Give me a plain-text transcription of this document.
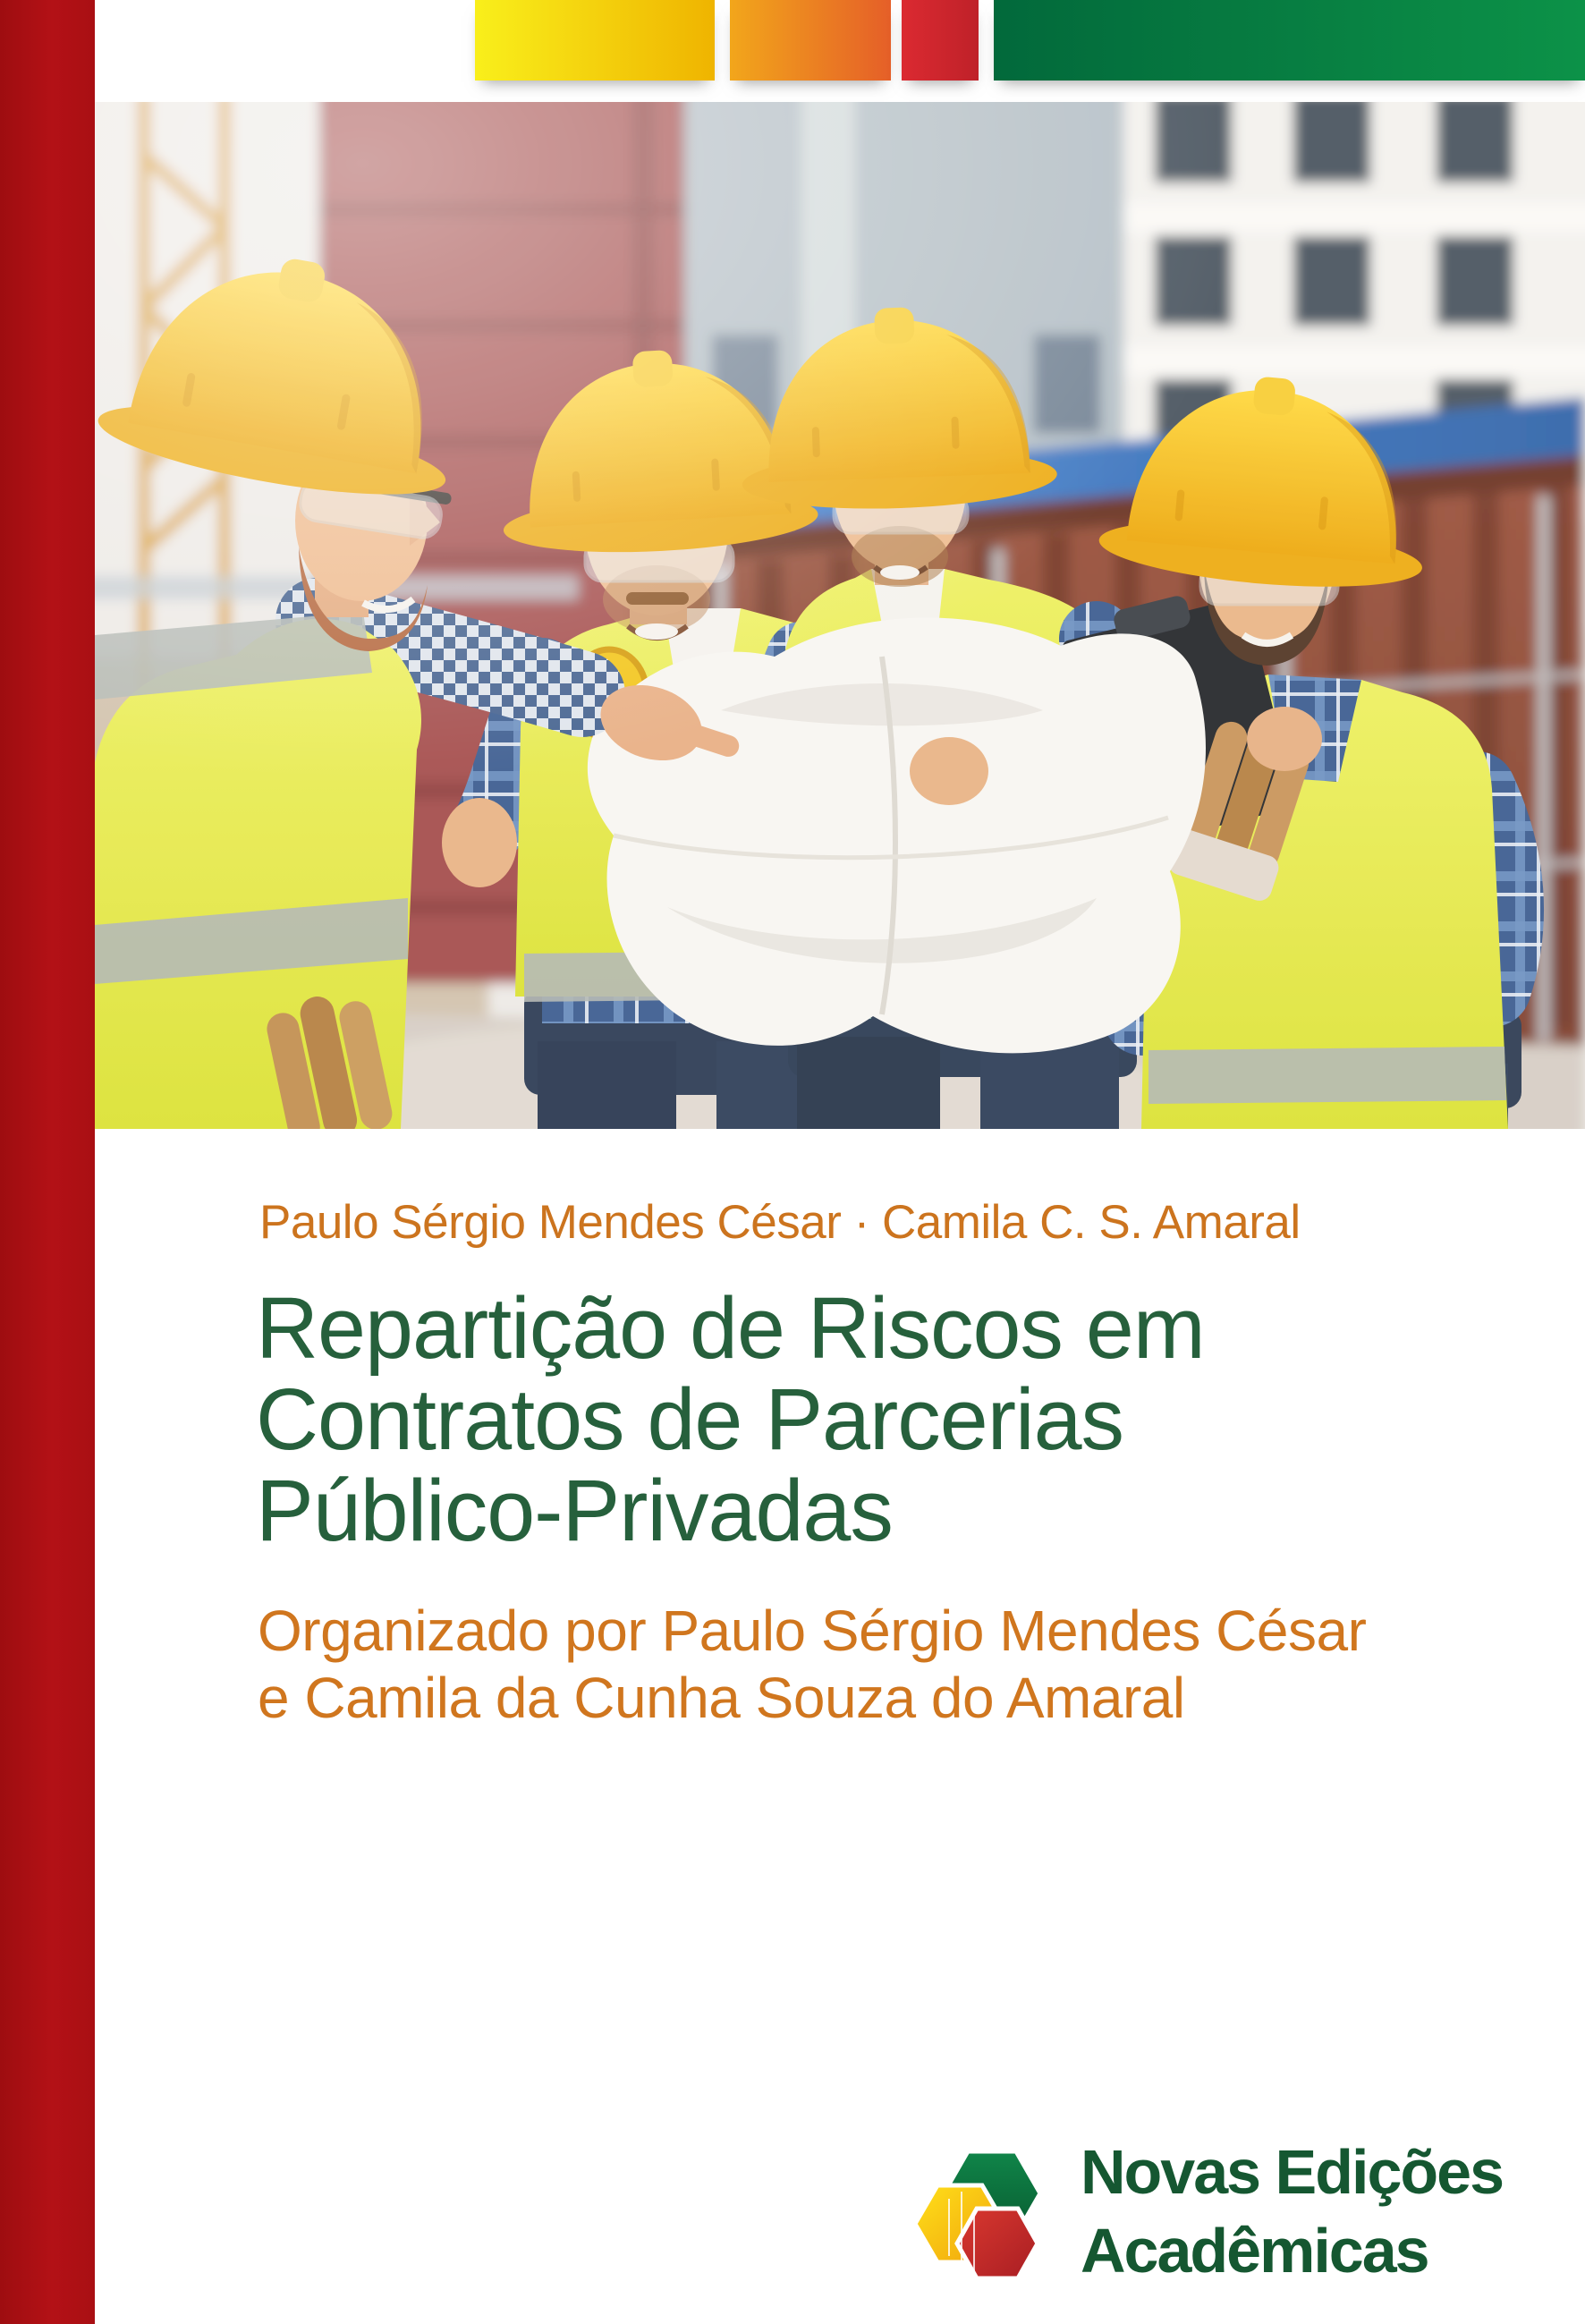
Paulo Sérgio Mendes César · Camila C. S. Amaral
Repartição de Riscos em
Contratos de Parcerias
Público-Privadas
Organizado por Paulo Sérgio Mendes César
e Camila da Cunha Souza do Amaral
Novas Edições
Acadêmicas
